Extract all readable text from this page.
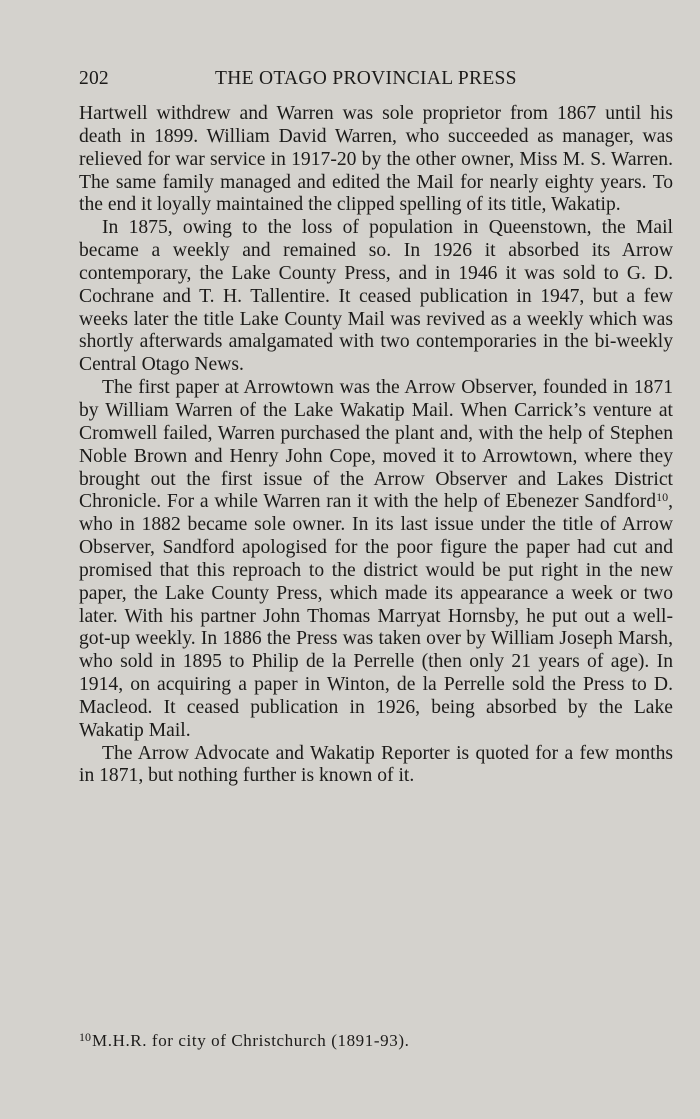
202	THE OTAGO PROVINCIAL PRESS

Hartwell withdrew and Warren was sole proprietor from 1867 until his death in 1899. William David Warren, who succeeded as manager, was relieved for war service in 1917-20 by the other owner, Miss M. S. Warren. The same family managed and edited the Mail for nearly eighty years. To the end it loyally maintained the clipped spelling of its title, Wakatip.

In 1875, owing to the loss of population in Queenstown, the Mail became a weekly and remained so. In 1926 it absorbed its Arrow contemporary, the Lake County Press, and in 1946 it was sold to G. D. Cochrane and T. H. Tallentire. It ceased publication in 1947, but a few weeks later the title Lake County Mail was revived as a weekly which was shortly afterwards amalgamated with two contemporaries in the bi-weekly Central Otago News.

The first paper at Arrowtown was the Arrow Observer, founded in 1871 by William Warren of the Lake Wakatip Mail. When Carrick’s venture at Cromwell failed, Warren purchased the plant and, with the help of Stephen Noble Brown and Henry John Cope, moved it to Arrowtown, where they brought out the first issue of the Arrow Observer and Lakes District Chronicle. For a while Warren ran it with the help of Ebenezer Sandford$^{10}$, who in 1882 became sole owner. In its last issue under the title of Arrow Observer, Sandford apologised for the poor figure the paper had cut and promised that this reproach to the district would be put right in the new paper, the Lake County Press, which made its appearance a week or two later. With his partner John Thomas Marryat Hornsby, he put out a well-got-up weekly. In 1886 the Press was taken over by William Joseph Marsh, who sold in 1895 to Philip de la Perrelle (then only 21 years of age). In 1914, on acquiring a paper in Winton, de la Perrelle sold the Press to D. Macleod. It ceased publication in 1926, being absorbed by the Lake Wakatip Mail.

The Arrow Advocate and Wakatip Reporter is quoted for a few months in 1871, but nothing further is known of it.

$^{10}$M.H.R. for city of Christchurch (1891-93).
